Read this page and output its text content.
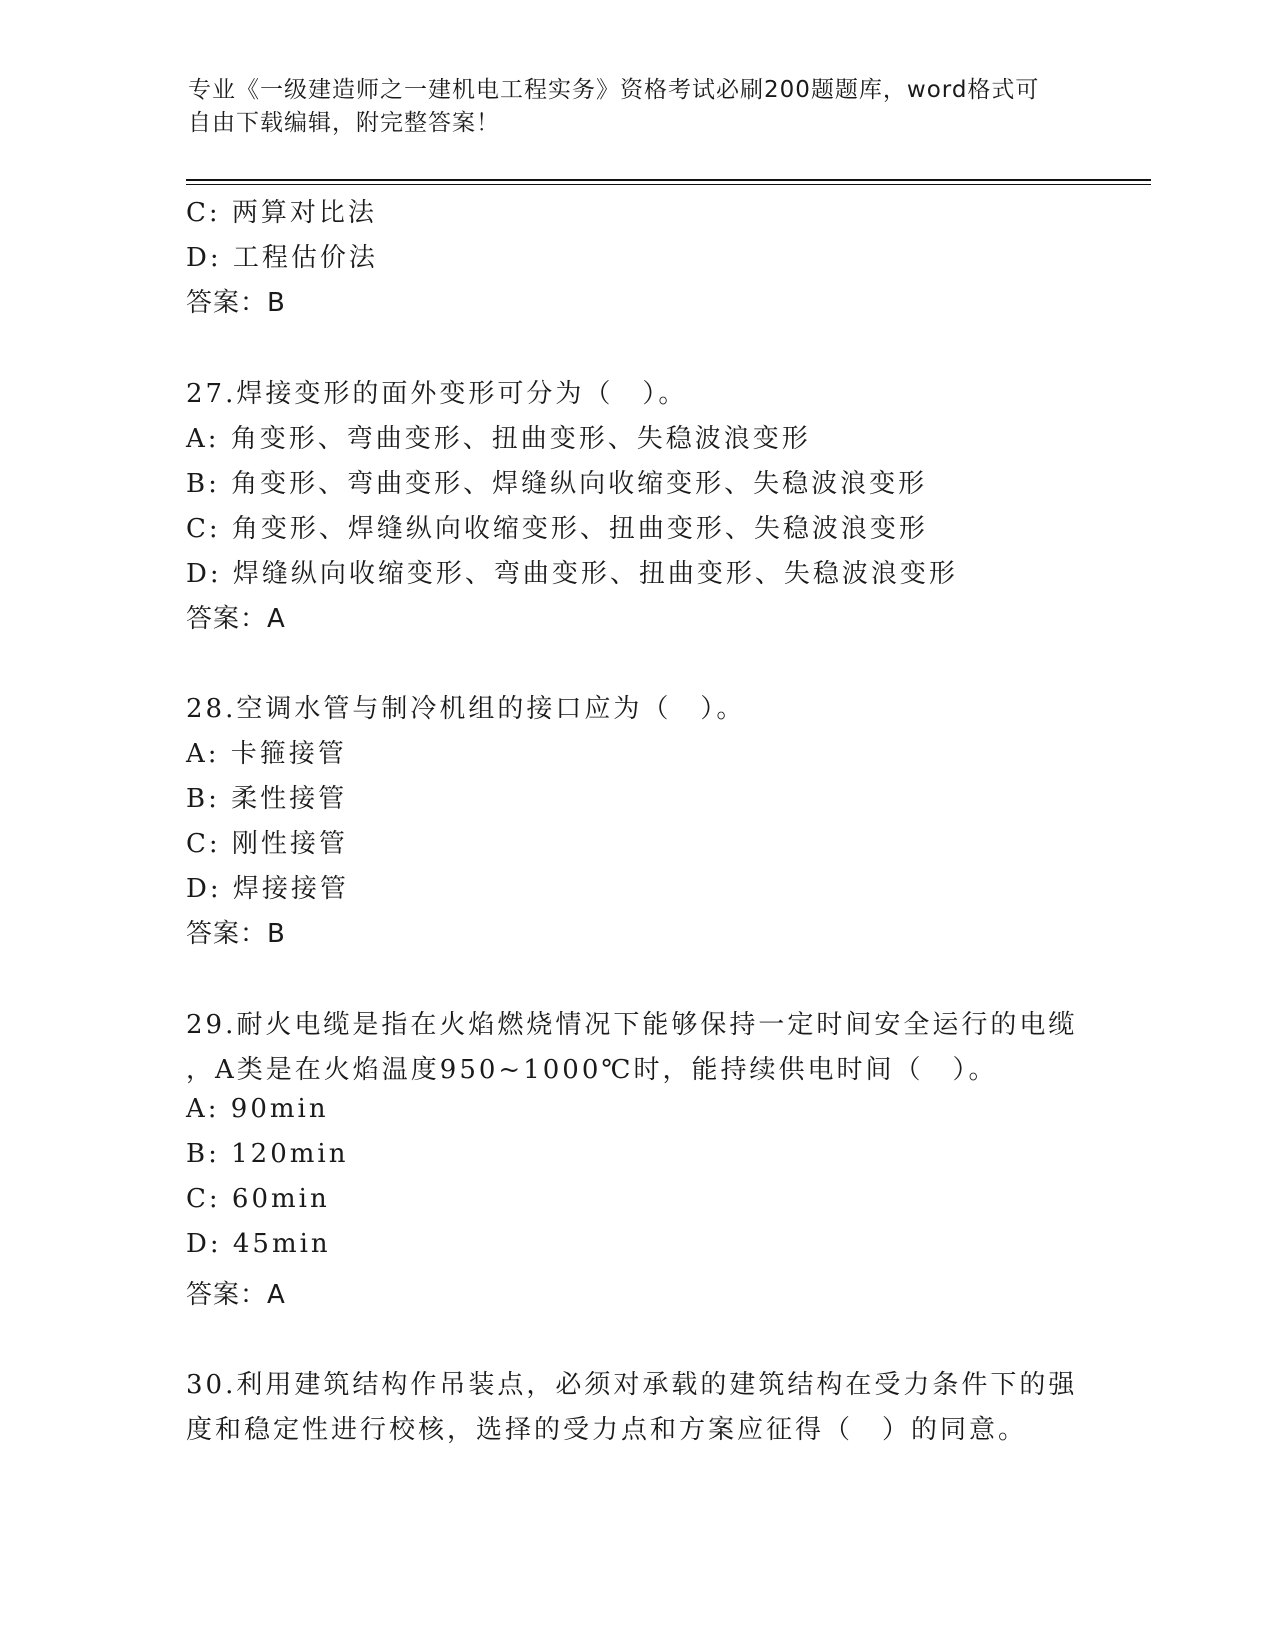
专业《一级建造师之一建机电工程实务》资格考试必刷200题题库，word格式可
自由下载编辑，附完整答案！
C: 两算对比法
D: 工程估价法
答案：B
27.焊接变形的面外变形可分为（　）。
A: 角变形、弯曲变形、扭曲变形、失稳波浪变形
B: 角变形、弯曲变形、焊缝纵向收缩变形、失稳波浪变形
C: 角变形、焊缝纵向收缩变形、扭曲变形、失稳波浪变形
D: 焊缝纵向收缩变形、弯曲变形、扭曲变形、失稳波浪变形
答案：A
28.空调水管与制冷机组的接口应为（　）。
A: 卡箍接管
B: 柔性接管
C: 刚性接管
D: 焊接接管
答案：B
29.耐火电缆是指在火焰燃烧情况下能够保持一定时间安全运行的电缆
，A类是在火焰温度950~1000℃时，能持续供电时间（　）。
A: 90min
B: 120min
C: 60min
D: 45min
答案：A
30.利用建筑结构作吊装点，必须对承载的建筑结构在受力条件下的强
度和稳定性进行校核，选择的受力点和方案应征得（　）的同意。
